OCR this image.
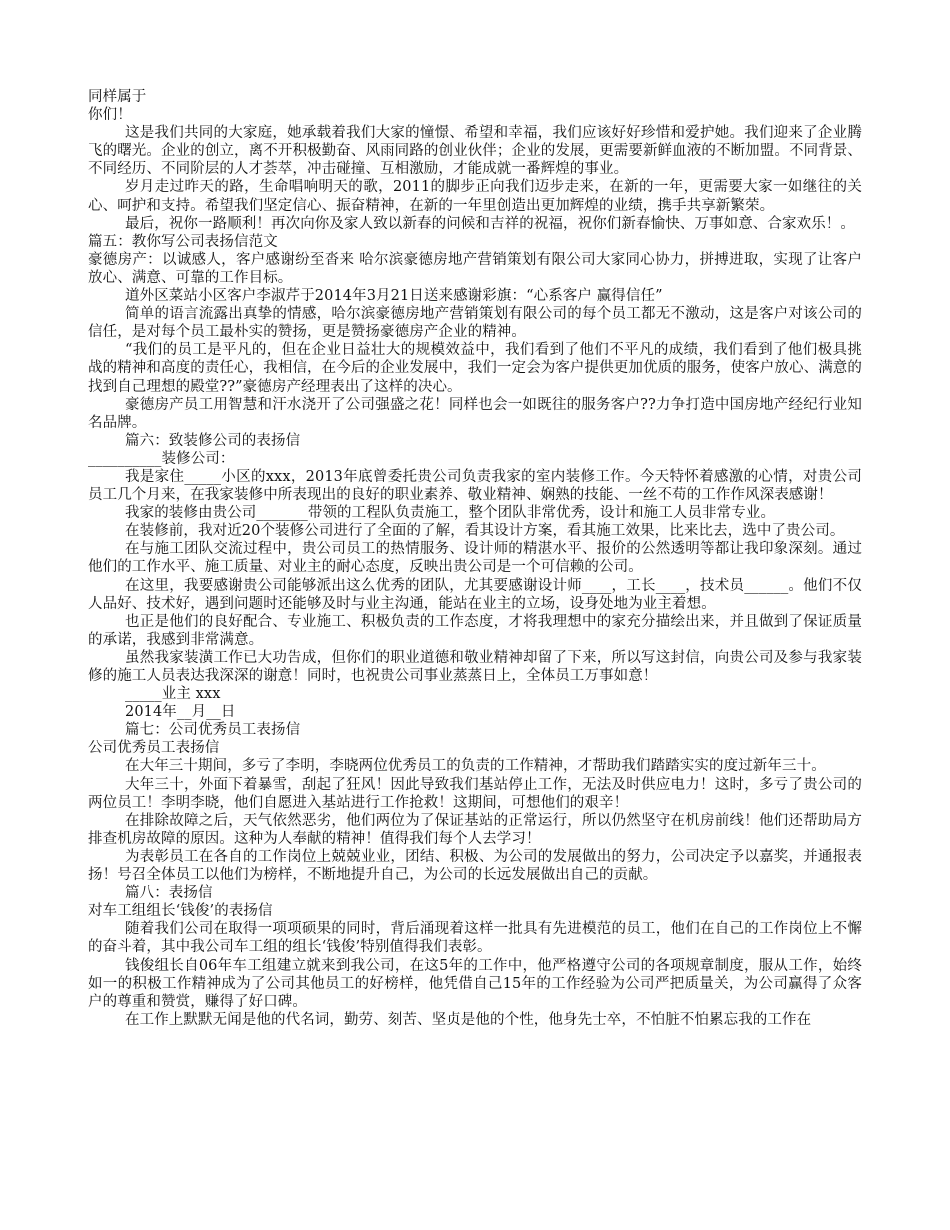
同样属于

你们！

这是我们共同的大家庭，她承载着我们大家的憧憬、希望和幸福，我们应该好好珍惜和爱护她。我们迎来了企业腾飞的曙光。企业的创立，离不开积极勤奋、风雨同路的创业伙伴；企业的发展，更需要新鲜血液的不断加盟。不同背景、不同经历、不同阶层的人才荟萃，冲击碰撞、互相激励，才能成就一番辉煌的事业。

岁月走过昨天的路，生命唱响明天的歌，2011的脚步正向我们迈步走来，在新的一年，更需要大家一如继往的关心、呵护和支持。希望我们坚定信心、振奋精神，在新的一年里创造出更加辉煌的业绩，携手共享新繁荣。

最后，祝你一路顺利！再次向你及家人致以新春的问候和吉祥的祝福，祝你们新春愉快、万事如意、合家欢乐！。

篇五：教你写公司表扬信范文

豪德房产：以诚感人，客户感谢纷至沓来 哈尔滨豪德房地产营销策划有限公司大家同心协力，拼搏进取，实现了让客户放心、满意、可靠的工作目标。

道外区菜站小区客户李淑芹于2014年3月21日送来感谢彩旗：“心系客户 赢得信任”

简单的语言流露出真挚的情感，哈尔滨豪德房地产营销策划有限公司的每个员工都无不激动，这是客户对该公司的信任，是对每个员工最朴实的赞扬，更是赞扬豪德房产企业的精神。

“我们的员工是平凡的，但在企业日益壮大的规模效益中，我们看到了他们不平凡的成绩，我们看到了他们极具挑战的精神和高度的责任心，我相信，在今后的企业发展中，我们一定会为客户提供更加优质的服务，使客户放心、满意的找到自己理想的殿堂??”豪德房产经理表出了这样的决心。

豪德房产员工用智慧和汗水浇开了公司强盛之花！同样也会一如既往的服务客户??力争打造中国房地产经纪行业知名品牌。

篇六：致装修公司的表扬信

__________装修公司：

我是家住_____小区的xxx，2013年底曾委托贵公司负责我家的室内装修工作。今天特怀着感激的心情，对贵公司员工几个月来，在我家装修中所表现出的良好的职业素养、敬业精神、娴熟的技能、一丝不苟的工作作风深表感谢！

我家的装修由贵公司_______带领的工程队负责施工，整个团队非常优秀，设计和施工人员非常专业。

在装修前，我对近20个装修公司进行了全面的了解，看其设计方案，看其施工效果，比来比去，选中了贵公司。

在与施工团队交流过程中，贵公司员工的热情服务、设计师的精湛水平、报价的公然透明等都让我印象深刻。通过他们的工作水平、施工质量、对业主的耐心态度，反映出贵公司是一个可信赖的公司。

在这里，我要感谢贵公司能够派出这么优秀的团队，尤其要感谢设计师____，工长____，技术员______。他们不仅人品好、技术好，遇到问题时还能够及时与业主沟通，能站在业主的立场，设身处地为业主着想。

也正是他们的良好配合、专业施工、积极负责的工作态度，才将我理想中的家充分描绘出来，并且做到了保证质量的承诺，我感到非常满意。

虽然我家装潢工作已大功告成，但你们的职业道德和敬业精神却留了下来，所以写这封信，向贵公司及参与我家装修的施工人员表达我深深的谢意！同时，也祝贵公司事业蒸蒸日上，全体员工万事如意！

_____业主 xxx

2014年__月__日

篇七：公司优秀员工表扬信

公司优秀员工表扬信

在大年三十期间，多亏了李明，李晓两位优秀员工的负责的工作精神，才帮助我们踏踏实实的度过新年三十。

大年三十，外面下着暴雪，刮起了狂风！因此导致我们基站停止工作，无法及时供应电力！这时，多亏了贵公司的两位员工！李明李晓，他们自愿进入基站进行工作抢救！这期间，可想他们的艰辛！

在排除故障之后，天气依然恶劣，他们两位为了保证基站的正常运行，所以仍然坚守在机房前线！他们还帮助局方排查机房故障的原因。这种为人奉献的精神！值得我们每个人去学习！

为表彰员工在各自的工作岗位上兢兢业业，团结、积极、为公司的发展做出的努力，公司决定予以嘉奖，并通报表扬！号召全体员工以他们为榜样，不断地提升自己，为公司的长远发展做出自己的贡献。

篇八：表扬信

对车工组组长‘钱俊’的表扬信

随着我们公司在取得一项项硕果的同时，背后涌现着这样一批具有先进模范的员工，他们在自己的工作岗位上不懈的奋斗着，其中我公司车工组的组长‘钱俊’特别值得我们表彰。

钱俊组长自06年车工组建立就来到我公司，在这5年的工作中，他严格遵守公司的各项规章制度，服从工作，始终如一的积极工作精神成为了公司其他员工的好榜样，他凭借自己15年的工作经验为公司严把质量关，为公司赢得了众客户的尊重和赞赏，赚得了好口碑。

在工作上默默无闻是他的代名词，勤劳、刻苦、坚贞是他的个性，他身先士卒，不怕脏不怕累忘我的工作在
